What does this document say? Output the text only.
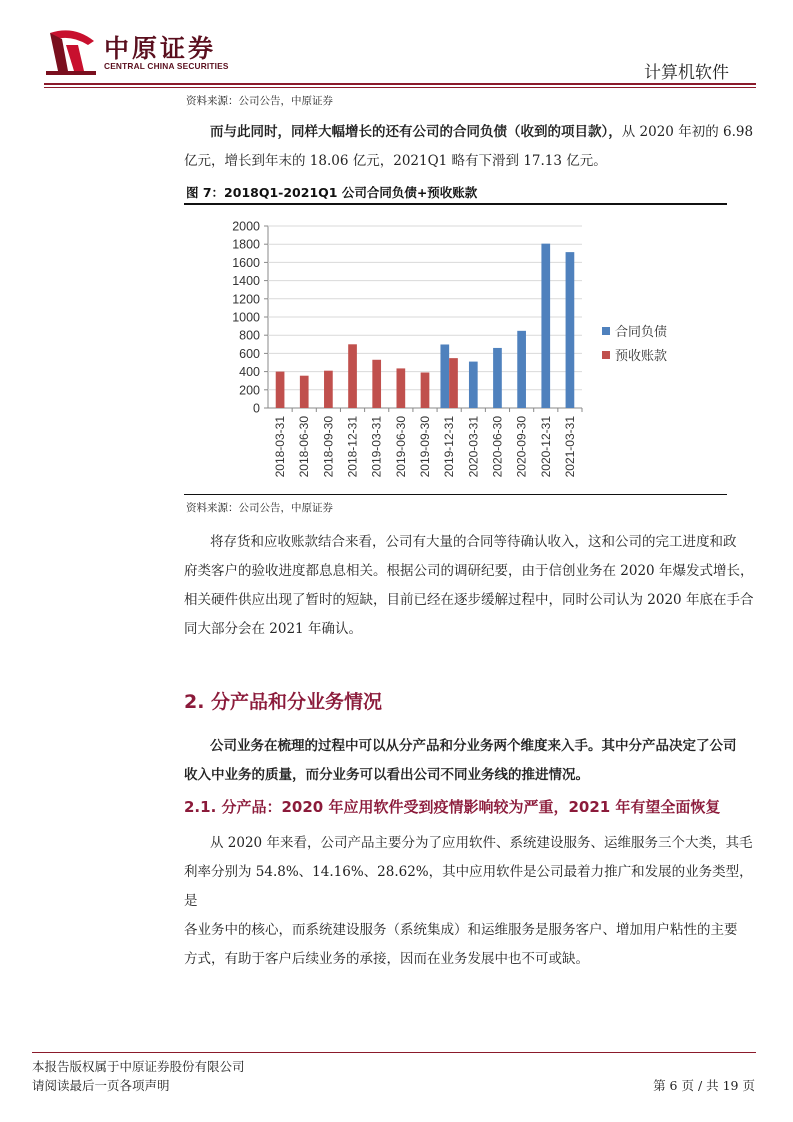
中原证券
CENTRAL CHINA SECURITIES	计算机软件
资料来源：公司公告，中原证券
而与此同时，同样大幅增长的还有公司的合同负债（收到的项目款），从 2020 年初的 6.98
亿元，增长到年末的 18.06 亿元，2021Q1 略有下滑到 17.13 亿元。
图 7：2018Q1-2021Q1 公司合同负债+预收账款
0
200
400
600
800
1000
1200
1400
1600
1800
2000
2018-03-31 2018-06-30 2018-09-30 2018-12-31 2019-03-31 2019-06-30 2019-09-30 2019-12-31 2020-03-31 2020-06-30 2020-09-30 2020-12-31 2021-03-31
合同负债
预收账款
资料来源：公司公告，中原证券
将存货和应收账款结合来看，公司有大量的合同等待确认收入，这和公司的完工进度和政
府类客户的验收进度都息息相关。根据公司的调研纪要，由于信创业务在 2020 年爆发式增长，
相关硬件供应出现了暂时的短缺，目前已经在逐步缓解过程中，同时公司认为 2020 年底在手合
同大部分会在 2021 年确认。
2. 分产品和分业务情况
公司业务在梳理的过程中可以从分产品和分业务两个维度来入手。其中分产品决定了公司
收入中业务的质量，而分业务可以看出公司不同业务线的推进情况。
2.1. 分产品：2020 年应用软件受到疫情影响较为严重，2021 年有望全面恢复
从 2020 年来看，公司产品主要分为了应用软件、系统建设服务、运维服务三个大类，其毛
利率分别为 54.8%、14.16%、28.62%，其中应用软件是公司最着力推广和发展的业务类型，是
各业务中的核心，而系统建设服务（系统集成）和运维服务是服务客户、增加用户粘性的主要
方式，有助于客户后续业务的承接，因而在业务发展中也不可或缺。
本报告版权属于中原证券股份有限公司
请阅读最后一页各项声明	第 6 页 / 共 19 页
